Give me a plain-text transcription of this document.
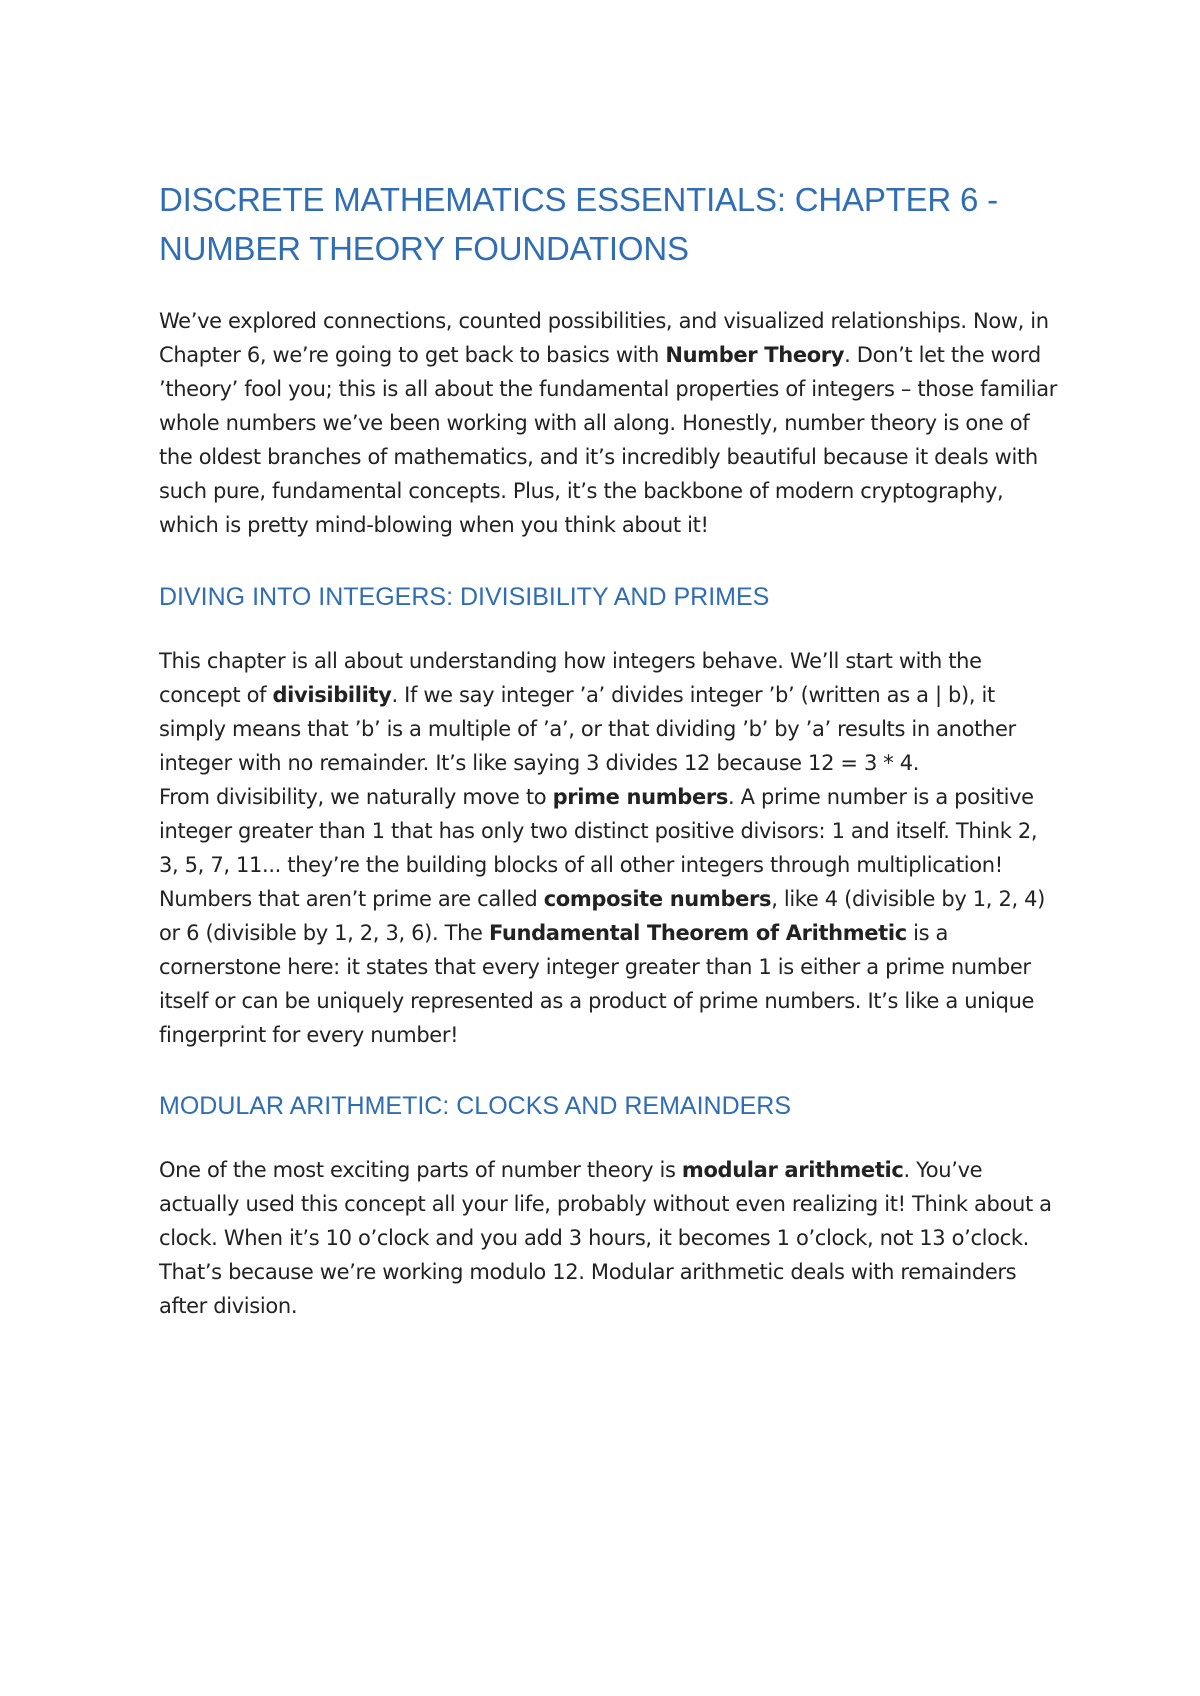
DISCRETE MATHEMATICS ESSENTIALS: CHAPTER 6 - NUMBER THEORY FOUNDATIONS

We’ve explored connections, counted possibilities, and visualized relationships. Now, in Chapter 6, we’re going to get back to basics with Number Theory. Don’t let the word ’theory’ fool you; this is all about the fundamental properties of integers – those familiar whole numbers we’ve been working with all along. Honestly, number theory is one of the oldest branches of mathematics, and it’s incredibly beautiful because it deals with such pure, fundamental concepts. Plus, it’s the backbone of modern cryptography, which is pretty mind-blowing when you think about it!

DIVING INTO INTEGERS: DIVISIBILITY AND PRIMES

This chapter is all about understanding how integers behave. We’ll start with the concept of divisibility. If we say integer ’a’ divides integer ’b’ (written as a | b), it simply means that ’b’ is a multiple of ’a’, or that dividing ’b’ by ’a’ results in another integer with no remainder. It’s like saying 3 divides 12 because 12 = 3 * 4.

From divisibility, we naturally move to prime numbers. A prime number is a positive integer greater than 1 that has only two distinct positive divisors: 1 and itself. Think 2, 3, 5, 7, 11... they’re the building blocks of all other integers through multiplication! Numbers that aren’t prime are called composite numbers, like 4 (divisible by 1, 2, 4) or 6 (divisible by 1, 2, 3, 6). The Fundamental Theorem of Arithmetic is a cornerstone here: it states that every integer greater than 1 is either a prime number itself or can be uniquely represented as a product of prime numbers. It’s like a unique fingerprint for every number!

MODULAR ARITHMETIC: CLOCKS AND REMAINDERS

One of the most exciting parts of number theory is modular arithmetic. You’ve actually used this concept all your life, probably without even realizing it! Think about a clock. When it’s 10 o’clock and you add 3 hours, it becomes 1 o’clock, not 13 o’clock. That’s because we’re working modulo 12. Modular arithmetic deals with remainders after division.
